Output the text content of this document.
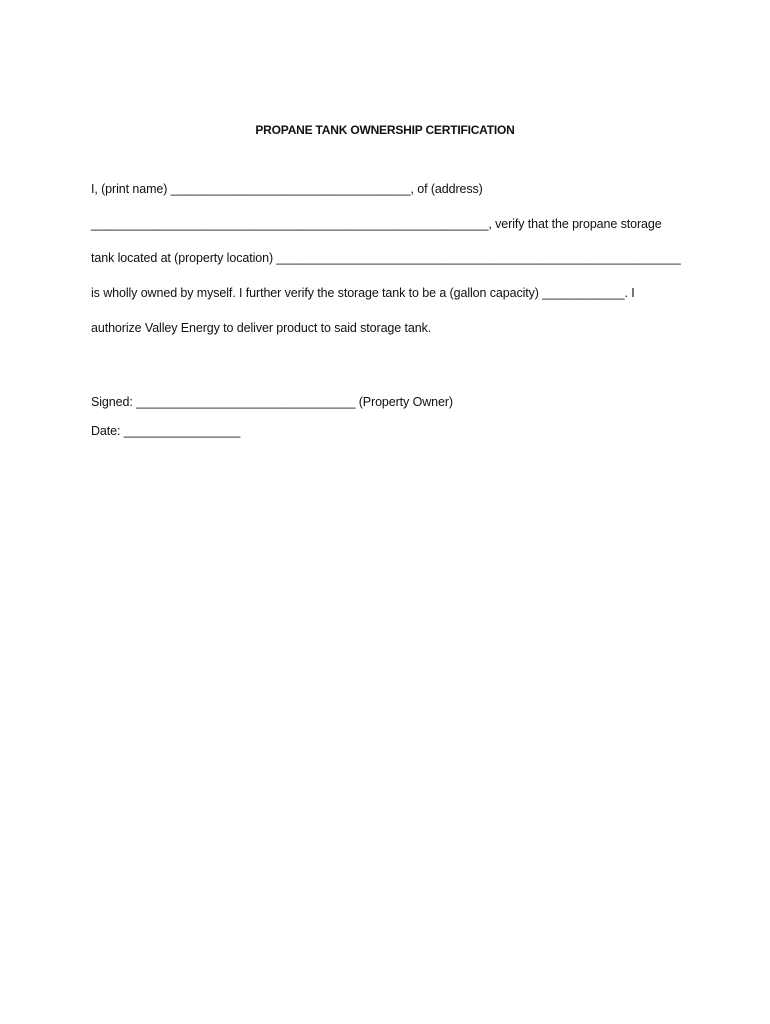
PROPANE TANK OWNERSHIP CERTIFICATION
I, (print name) ___________________________________, of (address)
__________________________________________________________, verify that the propane storage
tank located at (property location) ___________________________________________________________
is wholly owned by myself. I further verify the storage tank to be a (gallon capacity) ____________. I
authorize Valley Energy to deliver product to said storage tank.
Signed: ________________________________ (Property Owner)
Date: _________________
